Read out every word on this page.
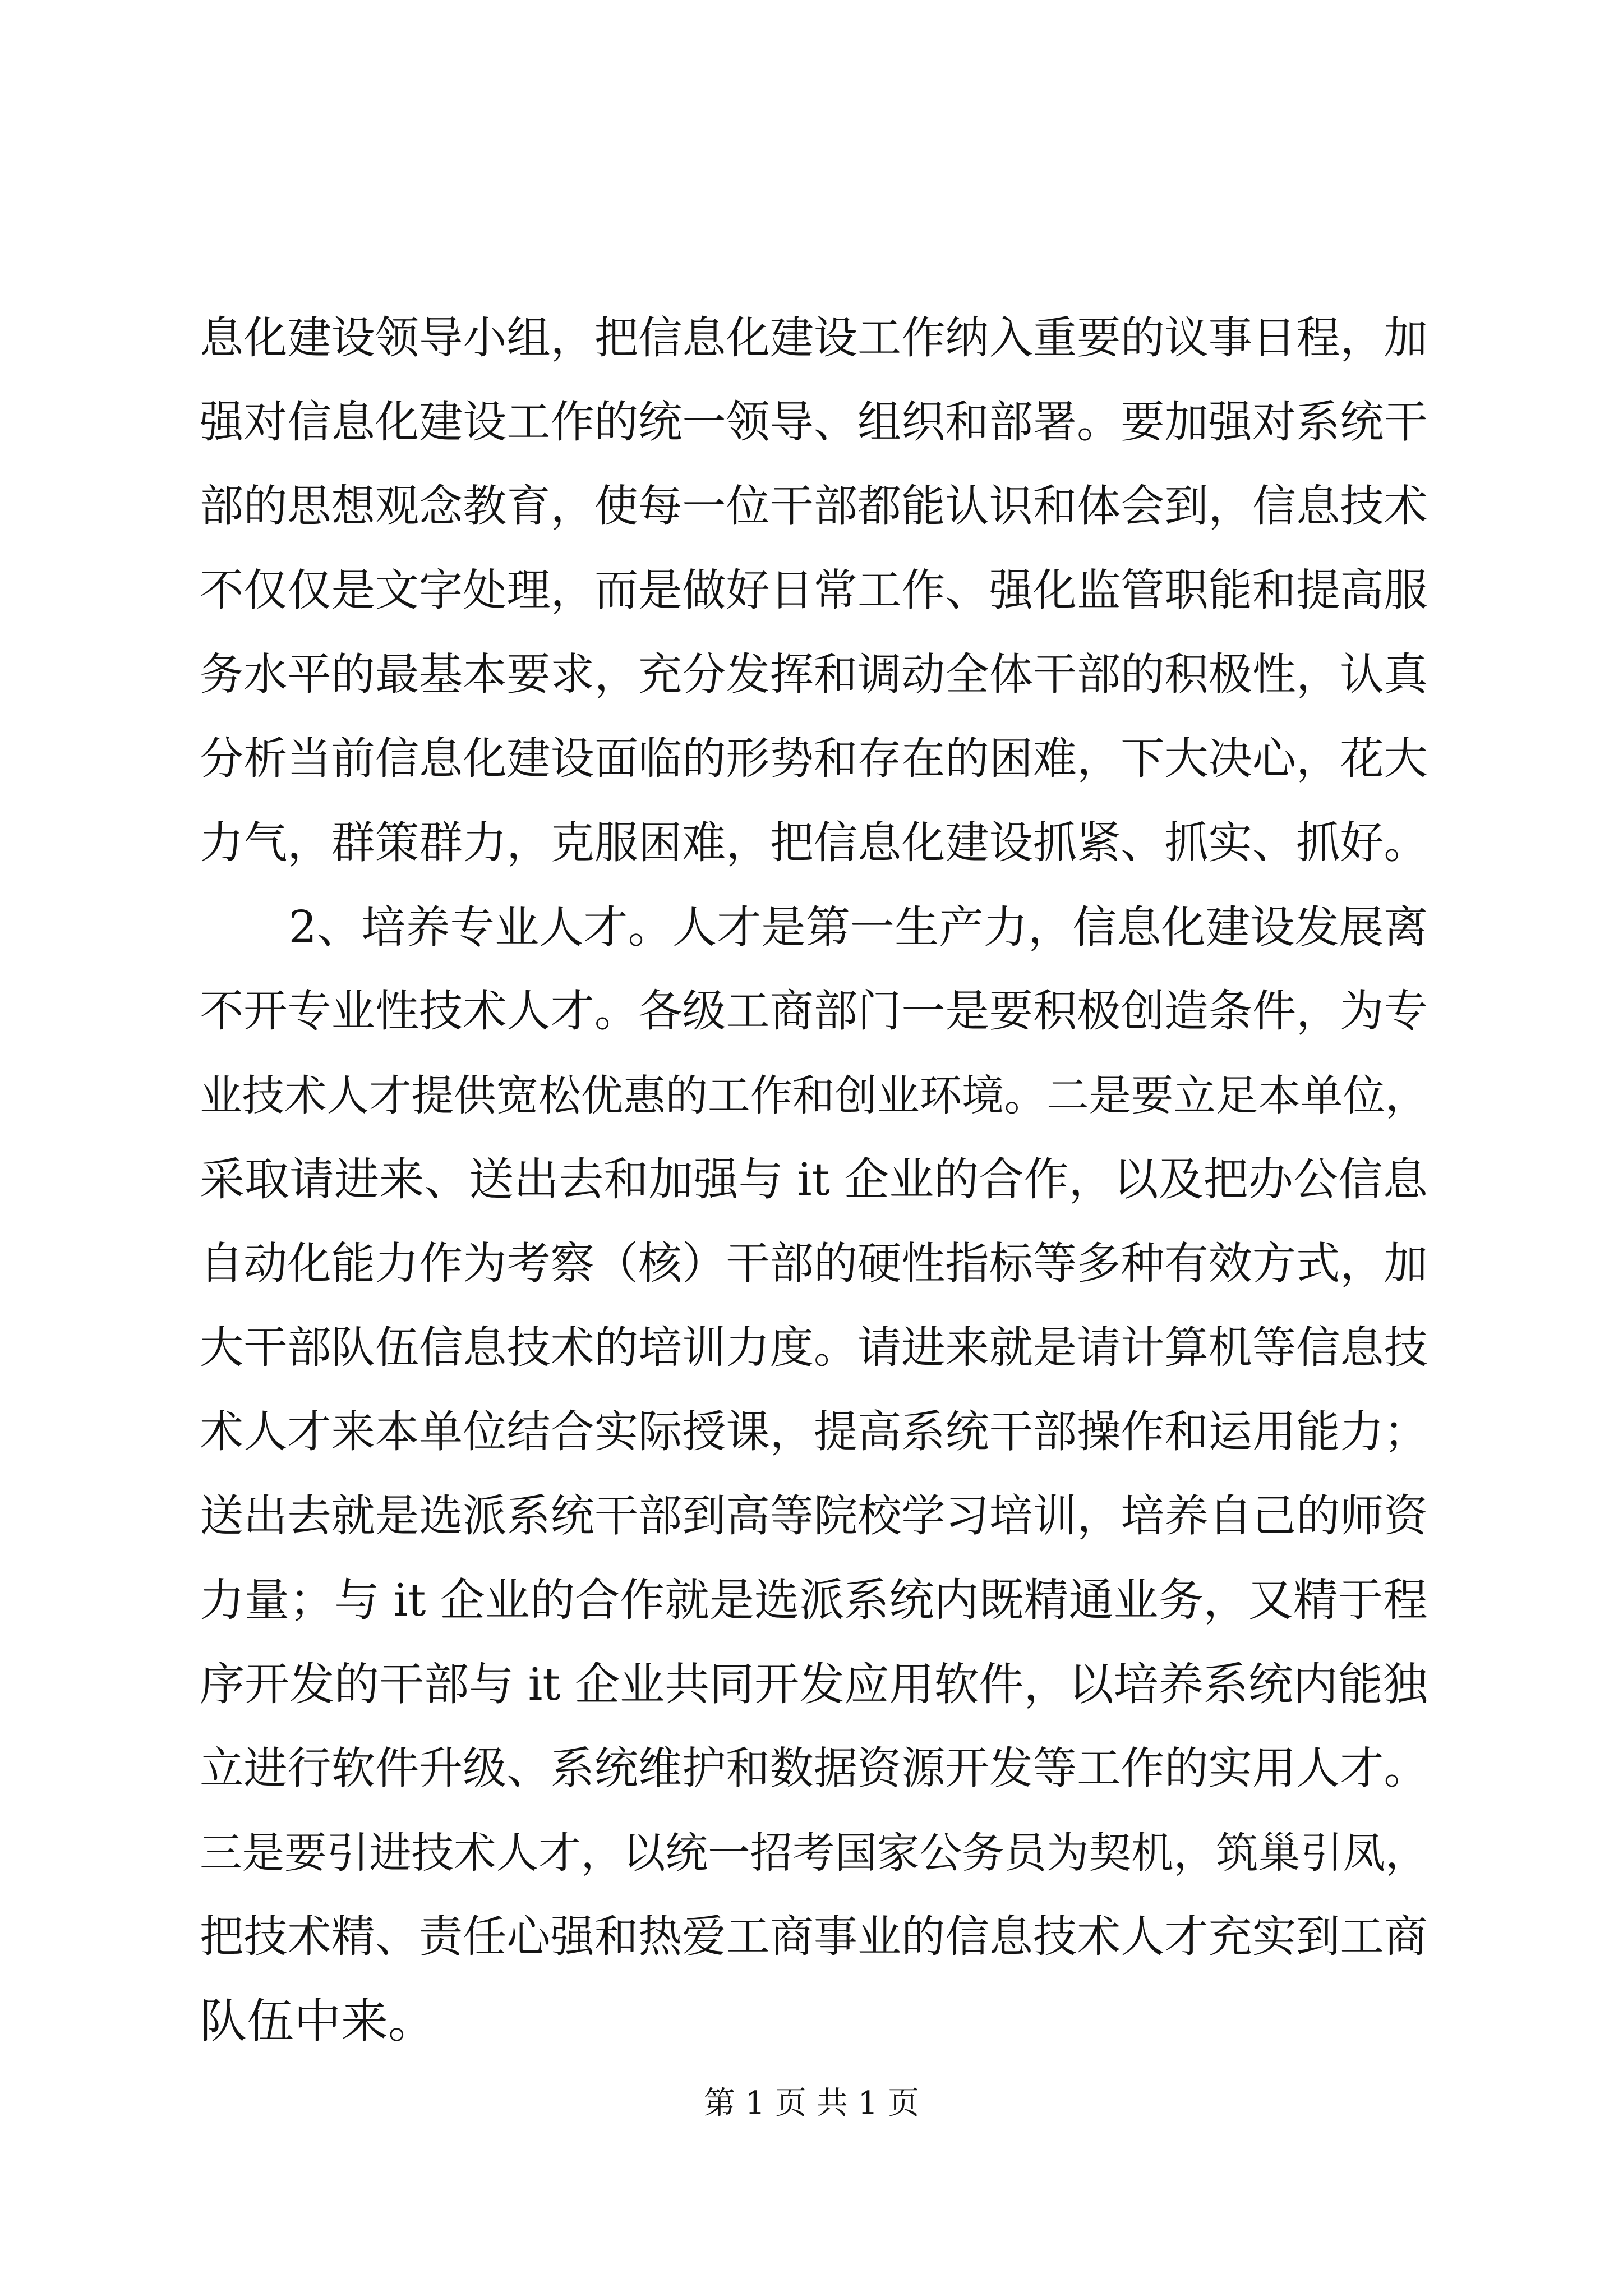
息化建设领导小组，把信息化建设工作纳入重要的议事日程，加
强对信息化建设工作的统一领导、组织和部署。要加强对系统干
部的思想观念教育，使每一位干部都能认识和体会到，信息技术
不仅仅是文字处理，而是做好日常工作、强化监管职能和提高服
务水平的最基本要求，充分发挥和调动全体干部的积极性，认真
分析当前信息化建设面临的形势和存在的困难，下大决心，花大
力气，群策群力，克服困难，把信息化建设抓紧、抓实、抓好。
　　2、培养专业人才。人才是第一生产力，信息化建设发展离
不开专业性技术人才。各级工商部门一是要积极创造条件，为专
业技术人才提供宽松优惠的工作和创业环境。二是要立足本单位，
采取请进来、送出去和加强与 it 企业的合作，以及把办公信息
自动化能力作为考察（核）干部的硬性指标等多种有效方式，加
大干部队伍信息技术的培训力度。请进来就是请计算机等信息技
术人才来本单位结合实际授课，提高系统干部操作和运用能力；
送出去就是选派系统干部到高等院校学习培训，培养自己的师资
力量；与 it 企业的合作就是选派系统内既精通业务，又精于程
序开发的干部与 it 企业共同开发应用软件，以培养系统内能独
立进行软件升级、系统维护和数据资源开发等工作的实用人才。
三是要引进技术人才，以统一招考国家公务员为契机，筑巢引凤，
把技术精、责任心强和热爱工商事业的信息技术人才充实到工商
队伍中来。
第 1 页 共 1 页
